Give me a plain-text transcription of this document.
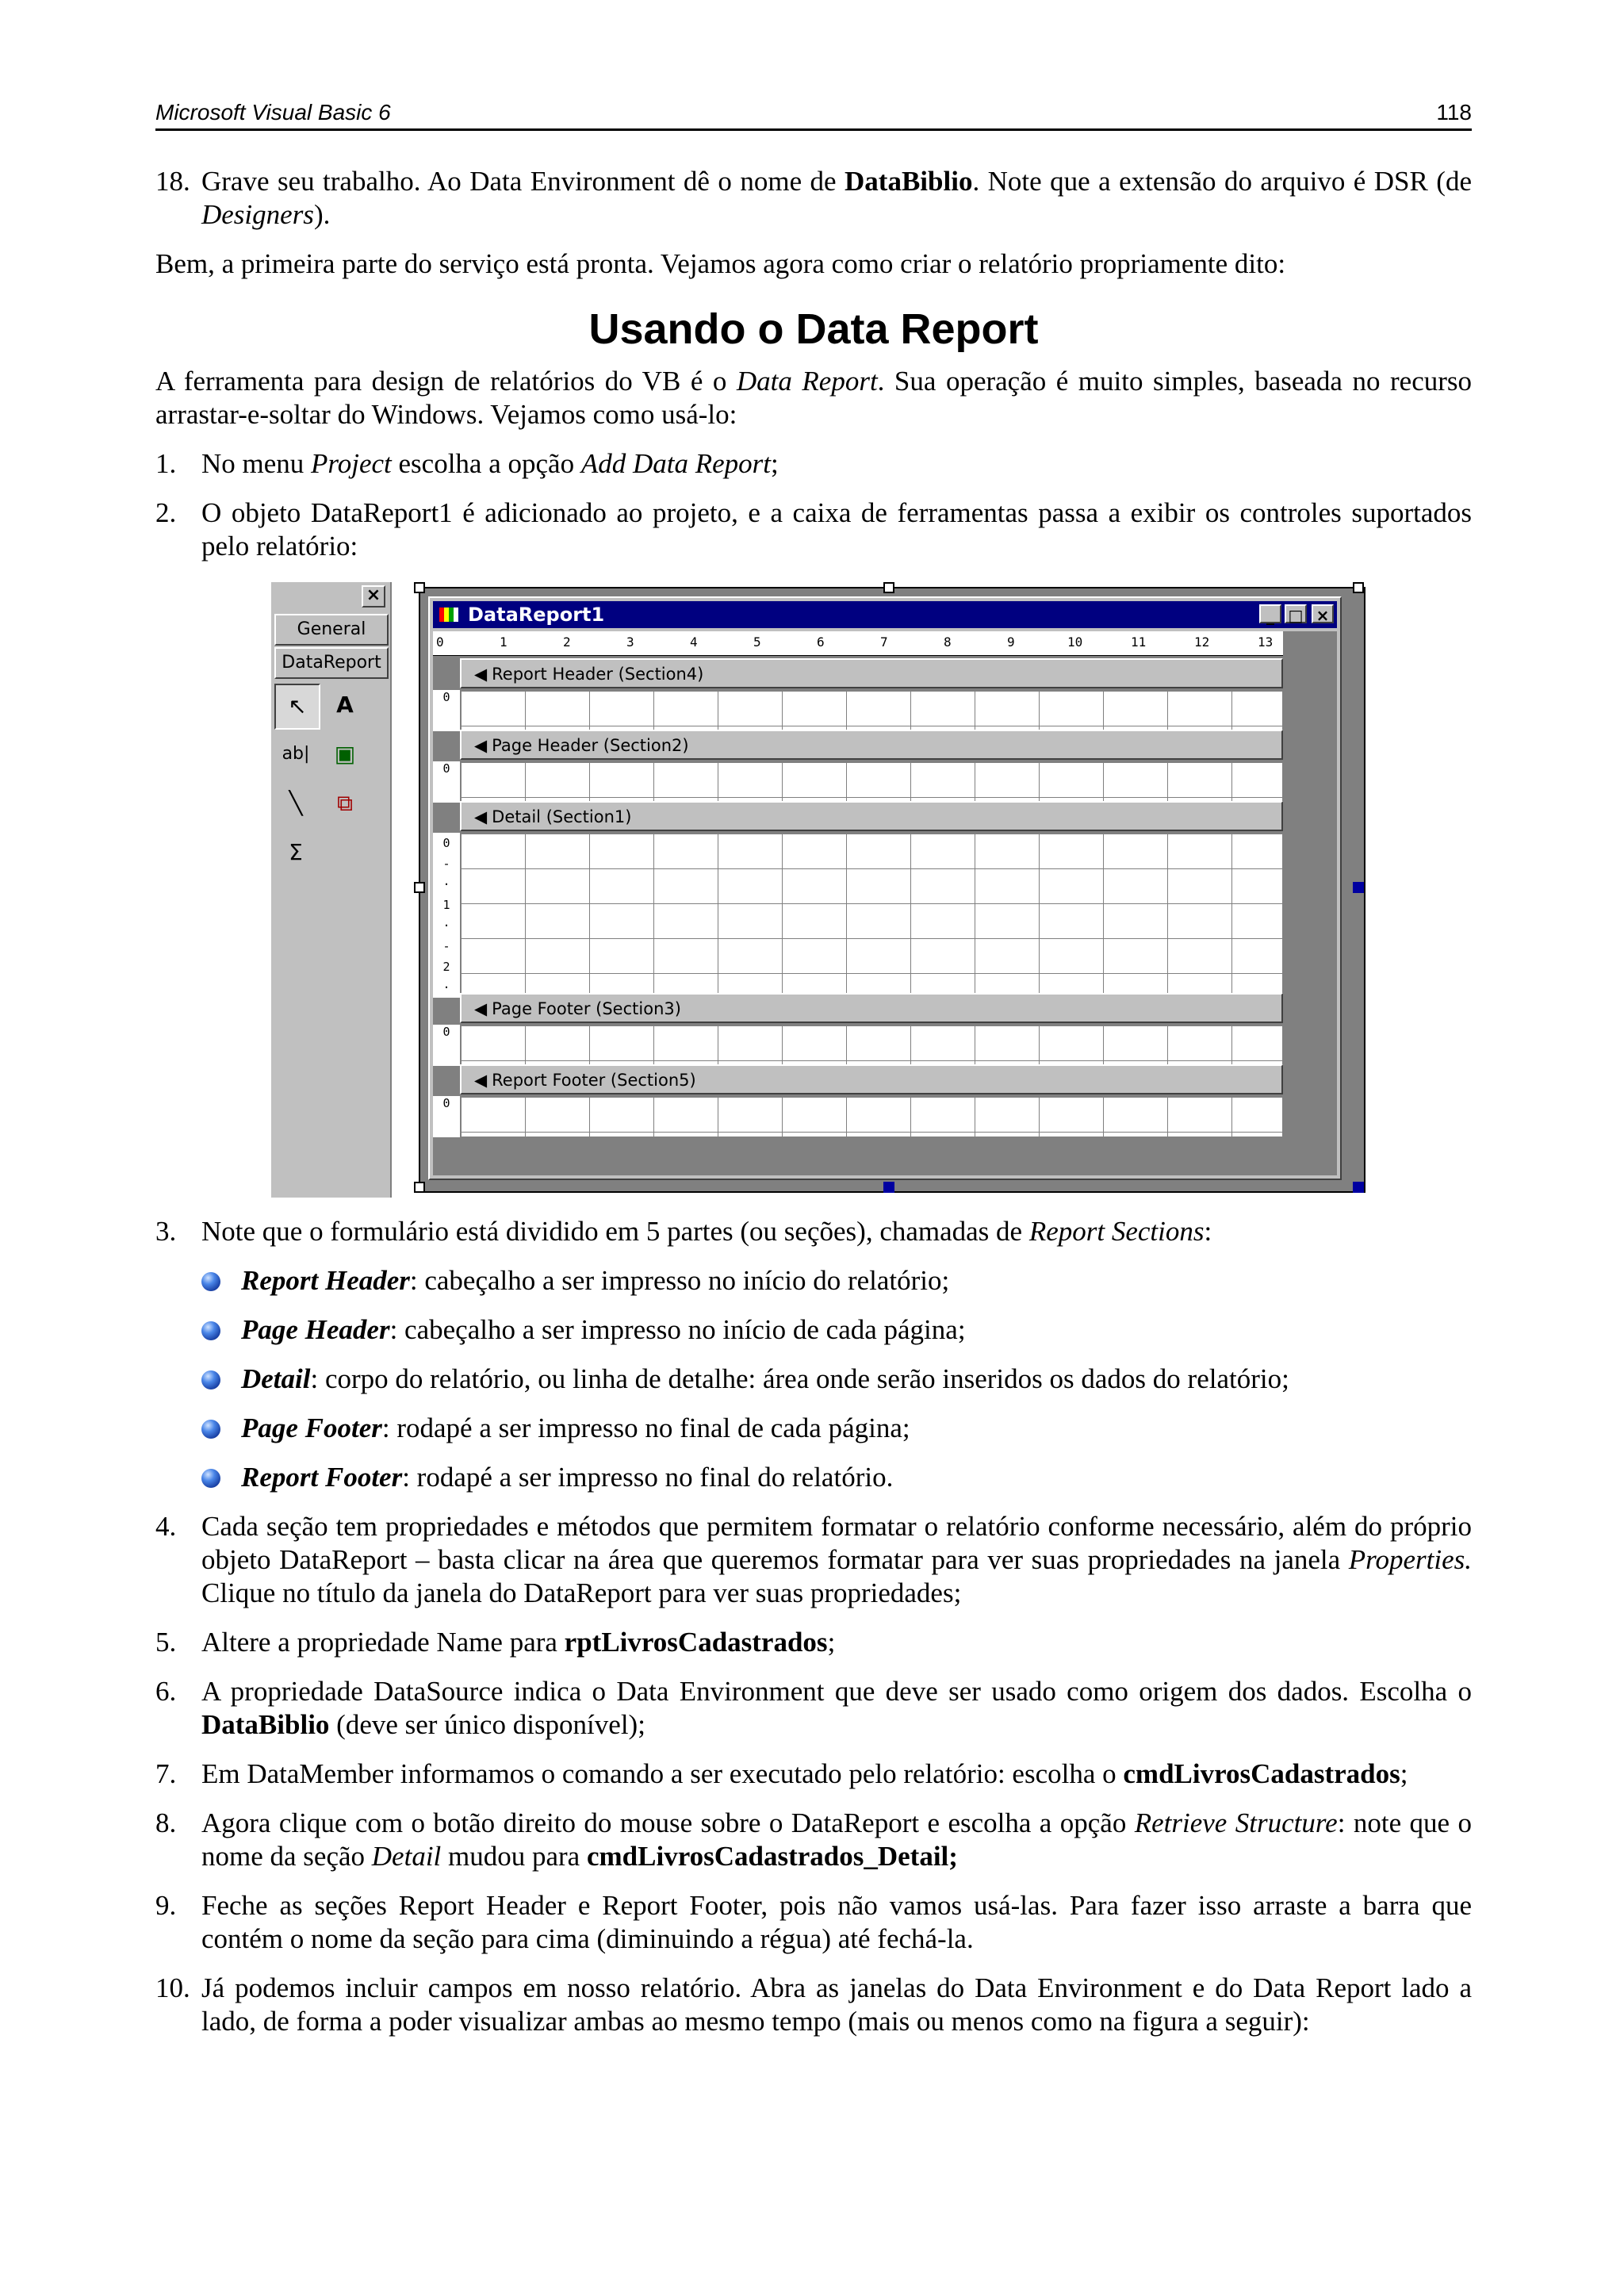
Microsoft Visual Basic 6	118

18. Grave seu trabalho. Ao Data Environment dê o nome de DataBiblio. Note que a extensão do arquivo é DSR (de Designers).

Bem, a primeira parte do serviço está pronta. Vejamos agora como criar o relatório propriamente dito:

Usando o Data Report

A ferramenta para design de relatórios do VB é o Data Report. Sua operação é muito simples, baseada no recurso arrastar-e-soltar do Windows. Vejamos como usá-lo:

1. No menu Project escolha a opção Add Data Report;

2. O objeto DataReport1 é adicionado ao projeto, e a caixa de ferramentas passa a exibir os controles suportados pelo relatório:

×
General
DataReport
↖	A
ab|	▣
╲	⧉
Σ
DataReport1	_ □ ×
0	1	2	3	4	5	6	7	8	9	10	11	12	13
◀ Report Header (Section4)
0
◀ Page Header (Section2)
0
◀ Detail (Section1)
0
-
·
1
·
-
2
·
◀ Page Footer (Section3)
0
◀ Report Footer (Section5)
0

3. Note que o formulário está dividido em 5 partes (ou seções), chamadas de Report Sections:

Report Header: cabeçalho a ser impresso no início do relatório;
Page Header: cabeçalho a ser impresso no início de cada página;
Detail: corpo do relatório, ou linha de detalhe: área onde serão inseridos os dados do relatório;
Page Footer: rodapé a ser impresso no final de cada página;
Report Footer: rodapé a ser impresso no final do relatório.

4. Cada seção tem propriedades e métodos que permitem formatar o relatório conforme necessário, além do próprio objeto DataReport – basta clicar na área que queremos formatar para ver suas propriedades na janela Properties. Clique no título da janela do DataReport para ver suas propriedades;

5. Altere a propriedade Name para rptLivrosCadastrados;

6. A propriedade DataSource indica o Data Environment que deve ser usado como origem dos dados. Escolha o DataBiblio (deve ser único disponível);

7. Em DataMember informamos o comando a ser executado pelo relatório: escolha o cmdLivrosCadastrados;

8. Agora clique com o botão direito do mouse sobre o DataReport e escolha a opção Retrieve Structure: note que o nome da seção Detail mudou para cmdLivrosCadastrados_Detail;

9. Feche as seções Report Header e Report Footer, pois não vamos usá-las. Para fazer isso arraste a barra que contém o nome da seção para cima (diminuindo a régua) até fechá-la.

10. Já podemos incluir campos em nosso relatório. Abra as janelas do Data Environment e do Data Report lado a lado, de forma a poder visualizar ambas ao mesmo tempo (mais ou menos como na figura a seguir):
